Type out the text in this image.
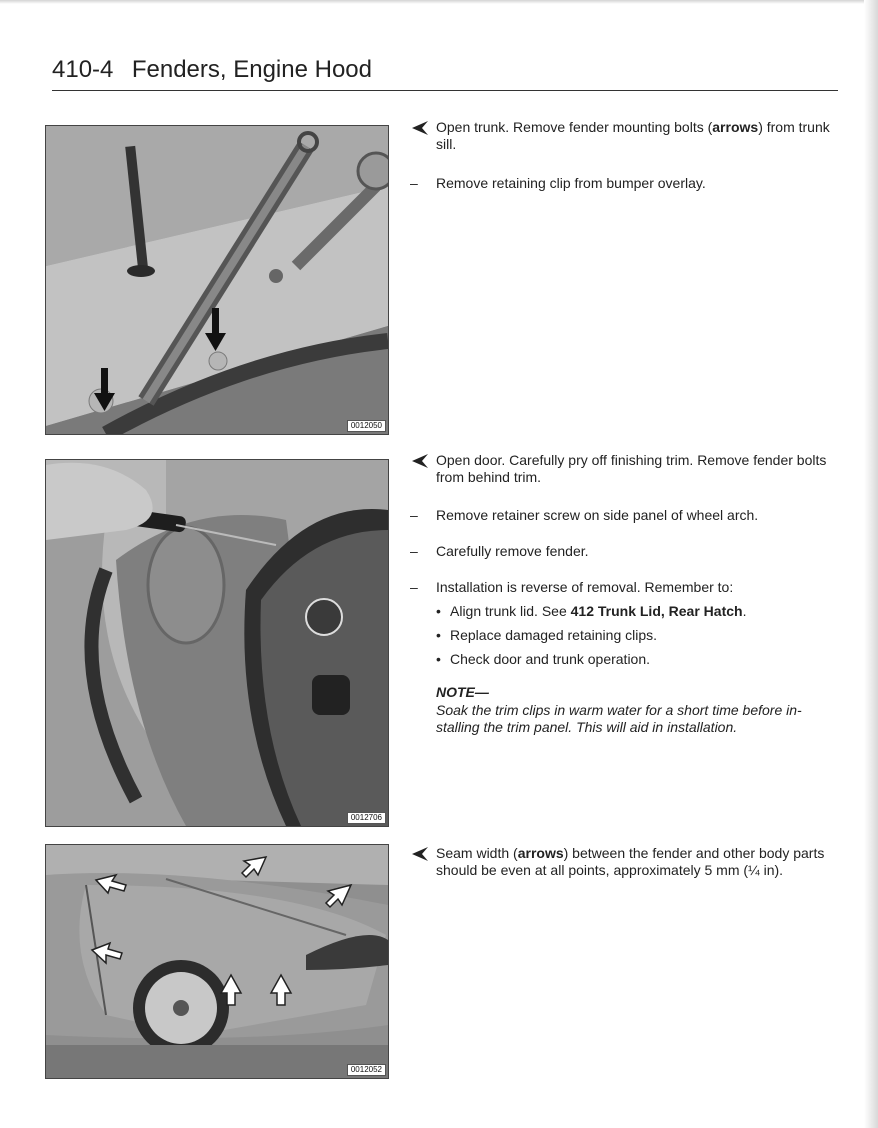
410-4 Fenders, Engine Hood
0012050
0012706
0012052
Open trunk. Remove fender mounting bolts (arrows) from trunk sill.
–	Remove retaining clip from bumper overlay.
Open door. Carefully pry off finishing trim. Remove fender bolts from behind trim.
–	Remove retainer screw on side panel of wheel arch.
–	Carefully remove fender.
–	Installation is reverse of removal. Remember to:
• Align trunk lid. See 412 Trunk Lid, Rear Hatch.
• Replace damaged retaining clips.
• Check door and trunk operation.
NOTE—
Soak the trim clips in warm water for a short time before in-stalling the trim panel. This will aid in installation.
Seam width (arrows) between the fender and other body parts should be even at all points, approximately 5 mm (¼ in).
